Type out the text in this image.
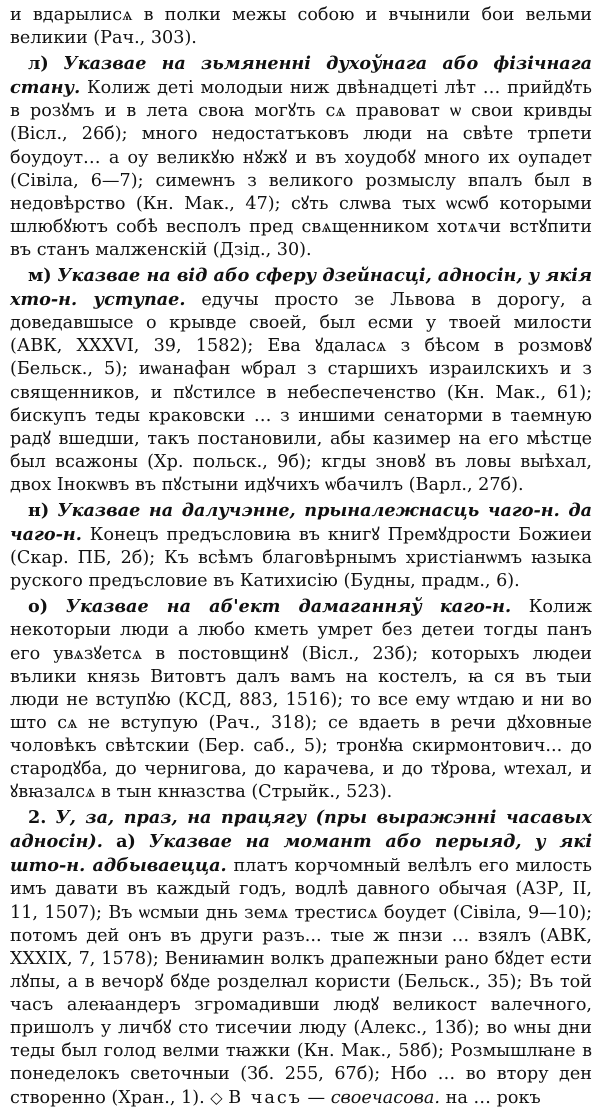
и вдарылисѧ в полки межы собою и вчынили бои вельми великии (Рач., 303).

л) Указвае на зьмяненні духоўнага або фізічнага стану. Колиж деті молодыи ниж двѣнадцеті лѣт … прийдꙋть в розꙋмъ и в лета своꙗ могꙋть сѧ правоват ѡ свои кривды (Віcл., 26б); много недостатъковъ люди на свѣте трпети боудоут… а оу великꙋю нꙋжꙋ и въ хоудобꙋ много их оупадет (Сiвіла, 6—7); симеѡнъ з великого розмыслу впалъ был в недовѣрство (Кн. Мак., 47); сꙋть слѡва тых ѡсѡб которыми шлюбꙋютъ собѣ весполъ пред свѧщенником хотѧчи встꙋпити въ станъ малженскій (Дзід., 30).

м) Указвае на від або сферу дзейнасці, адносін, у якія хто-н. уступае. едучы просто зе Львова в дорогу, а доведавшысе о крывде своей, был есми у твоей милости (АВК, XXXVI, 39, 1582); Ева ꙋдаласѧ з бѣсом в розмовꙋ (Бельск., 5); иѡанафан ѡбрал з старшихъ израилскихъ и з священников, и пꙋстилсе в небеспеченство (Кн. Мак., 61); бискупъ теды краковски … з иншими сенаторми в таемную радꙋ вшедши, такъ постановили, абы казимер на его мѣстце был всажоны (Хр. польск., 9б); кгды зновꙋ въ ловы выѣхал, двох Інокѡвъ въ пꙋстыни идꙋчихъ ѡбачилъ (Варл., 27б).

н) Указвае на далучэнне, прыналежнасць чаго-н. да чаго-н. Конецъ предъсловиꙗ въ книгꙋ Премꙋдрости Божиеи (Скар. ПБ, 2б); Къ всѣмъ благовѣрнымъ христіанѡмъ ꙗзыка руского предъсловие въ Катихисію (Будны, прадм., 6).

о) Указвае на аб'ект дамаганняў каго-н. Колиж некоторыи люди а любо кметь умрет без детеи тогды панъ его увѧзꙋетсѧ в постовщинꙋ (Віcл., 23б); которыхъ людеи вълики князь Витовтъ далъ вамъ на костелъ, ꙗ ся въ тыи люди не вступꙋю (КСД, 883, 1516); то все ему ѡтдаю и ни во што сѧ не вступую (Рач., 318); се вдаеть в речи дꙋховные чоловѣкъ свѣтскии (Бер. саб., 5); тронꙋꙗ скирмонтович... до стародꙋба, до чернигова, до карачева, и до тꙋрова, ѡтехал, и ꙋвꙗзалсѧ в тын кнꙗзства (Стрыйк., 523).

2. У, за, праз, на працягу (пры выражэнні часавых адносін). а) Указвае на момант або перыяд, у які што-н. адбываецца. платъ корчомный велѣлъ его милость имъ давати въ каждый годъ, водлѣ давного обычая (АЗР, II, 11, 1507); Въ ѡсмыи днь земѧ трестисѧ боудет (Сiвіла, 9—10); потомъ дей онъ въ други разъ... тые ж пнзи … взялъ (АВК, XXXIX, 7, 1578); Вениꙗмин волкъ драпежныи рано бꙋдет ести лꙋпы, а в вечорꙋ бꙋде розделꙗл користи (Бельск., 35); Въ той часъ алеꙗандеръ згромадивши людꙋ великост валечного, пришолъ у личбꙋ сто тисечии люду (Алекс., 13б); во ѡны дни теды был голод велми тꙗжки (Кн. Мак., 58б); Розмышлꙗне в понеделокъ светочныи (Зб. 255, 67б); Нбо … во втору ден створенно (Хран., 1). ◇ В часъ — своечасова. на … рокъ
